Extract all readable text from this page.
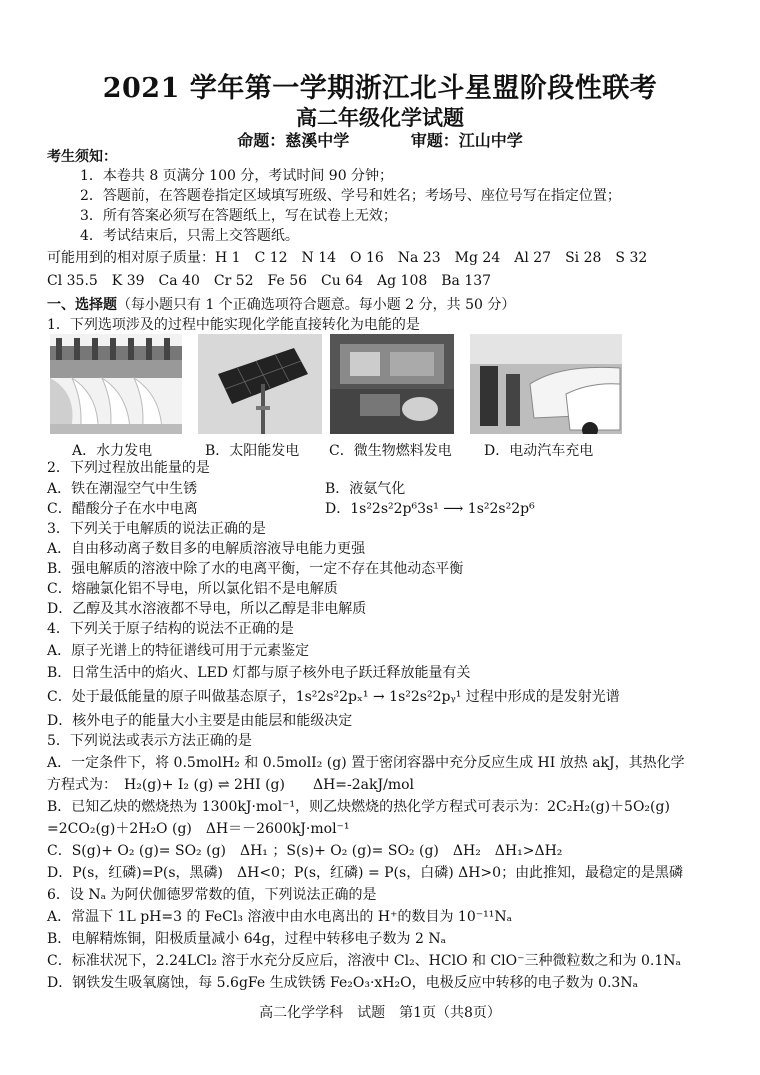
2021 学年第一学期浙江北斗星盟阶段性联考
高二年级化学试题
命题：慈溪中学	审题：江山中学
考生须知：
1．本卷共 8 页满分 100 分，考试时间 90 分钟；
2．答题前，在答题卷指定区域填写班级、学号和姓名；考场号、座位号写在指定位置；
3．所有答案必须写在答题纸上，写在试卷上无效；
4．考试结束后，只需上交答题纸。
可能用到的相对原子质量：H 1　C 12　N 14　O 16　Na 23　Mg 24　Al 27　Si 28　S 32
Cl 35.5　K 39　Ca 40　Cr 52　Fe 56　Cu 64　Ag 108　Ba 137
一、选择题（每小题只有 1 个正确选项符合题意。每小题 2 分，共 50 分）
1．下列选项涉及的过程中能实现化学能直接转化为电能的是
A．水力发电	B．太阳能发电 C．微生物燃料发电 D．电动汽车充电
2．下列过程放出能量的是
A．铁在潮湿空气中生锈	B．液氨气化
C．醋酸分子在水中电离	D．1s²2s²2p⁶3s¹ ⟶ 1s²2s²2p⁶
3．下列关于电解质的说法正确的是
A．自由移动离子数目多的电解质溶液导电能力更强
B．强电解质的溶液中除了水的电离平衡，一定不存在其他动态平衡
C．熔融氯化铝不导电，所以氯化铝不是电解质
D．乙醇及其水溶液都不导电，所以乙醇是非电解质
4．下列关于原子结构的说法不正确的是
A．原子光谱上的特征谱线可用于元素鉴定
B．日常生活中的焰火、LED 灯都与原子核外电子跃迁释放能量有关
C．处于最低能量的原子叫做基态原子，1s²2s²2pₓ¹ → 1s²2s²2pᵧ¹ 过程中形成的是发射光谱
D．核外电子的能量大小主要是由能层和能级决定
5．下列说法或表示方法正确的是
A．一定条件下，将 0.5molH₂ 和 0.5molI₂ (g) 置于密闭容器中充分反应生成 HI 放热 akJ，其热化学
方程式为：　H₂(g)+ I₂ (g) ⇌ 2HI (g)　　ΔH=-2akJ/mol
B．已知乙炔的燃烧热为 1300kJ·mol⁻¹，则乙炔燃烧的热化学方程式可表示为：2C₂H₂(g)＋5O₂(g)
=2CO₂(g)＋2H₂O (g)　ΔH＝－2600kJ·mol⁻¹
C．S(g)+ O₂ (g)= SO₂ (g)　ΔH₁ ；S(s)+ O₂ (g)= SO₂ (g)　ΔH₂　ΔH₁>ΔH₂
D．P(s，红磷)=P(s，黑磷)　ΔH<0；P(s，红磷) = P(s，白磷) ΔH>0；由此推知，最稳定的是黑磷
6．设 Nₐ 为阿伏伽德罗常数的值，下列说法正确的是
A．常温下 1L pH=3 的 FeCl₃ 溶液中由水电离出的 H⁺的数目为 10⁻¹¹Nₐ
B．电解精炼铜，阳极质量减小 64g，过程中转移电子数为 2 Nₐ
C．标准状况下，2.24LCl₂ 溶于水充分反应后，溶液中 Cl₂、HClO 和 ClO⁻三种微粒数之和为 0.1Nₐ
D．钢铁发生吸氧腐蚀，每 5.6gFe 生成铁锈 Fe₂O₃·xH₂O，电极反应中转移的电子数为 0.3Nₐ
高二化学学科　试题　第1页（共8页）
